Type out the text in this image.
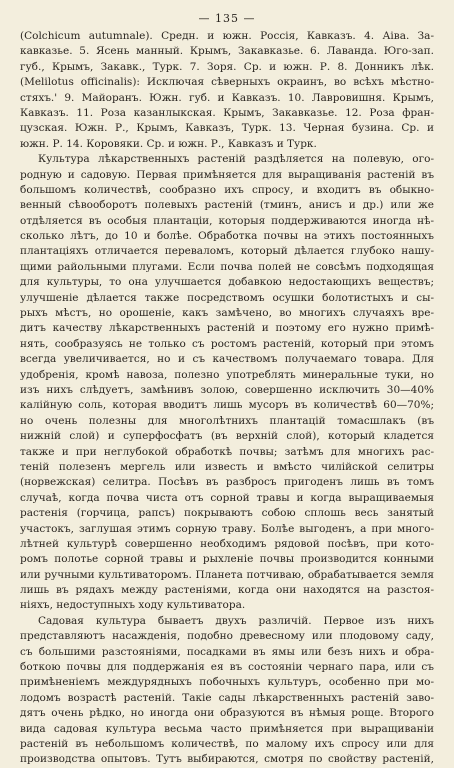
— 135 —
(Colchicum autumnale). Средн. и южн. Россія, Кавказъ. 4. Аіва. За-
кавказье. 5. Ясень манный. Крымъ, Закавказье. 6. Лаванда. Юго-зап.
губ., Крымъ, Закавк., Турк. 7. Зоря. Ср. и южн. Р. 8. Донникъ лѣк.
(Melilotus officinalis): Исключая сѣверныхъ окраинъ, во всѣхъ мѣстно-
стяхъ.' 9. Майоранъ. Южн. губ. и Кавказъ. 10. Лавровишня. Крымъ,
Кавказъ. 11. Роза казанлыкская. Крымъ, Закавказье. 12. Роза фран-
цузская. Южн. Р., Крымъ, Кавказъ, Турк. 13. Черная бузина. Ср. и
южн. Р. 14. Коровяки. Ср. и южн. Р., Кавказъ и Турк.
Культура лѣкарственныхъ растеній раздѣляется на полевую, ого-
родную и садовую. Первая примѣняется для выращиванія растеній въ
большомъ количествѣ, сообразно ихъ спросу, и входитъ въ обыкно-
венный сѣвооборотъ полевыхъ растеній (тминъ, анисъ и др.) или же
отдѣляется въ особыя плантаціи, которыя поддерживаются иногда нѣ-
сколько лѣтъ, до 10 и болѣе. Обработка почвы на этихъ постоянныхъ
плантаціяхъ отличается переваломъ, который дѣлается глубоко нашу-
щими райольными плугами. Если почва полей не совсѣмъ подходящая
для культуры, то она улучшается добавкою недостающихъ веществъ;
улучшеніе дѣлается также посредствомъ осушки болотистыхъ и сы-
рыхъ мѣстъ, но орошеніе, какъ замѣчено, во многихъ случаяхъ вре-
дитъ качеству лѣкарственныхъ растеній и поэтому его нужно примѣ-
нять, сообразуясь не только съ ростомъ растеній, который при этомъ
всегда увеличивается, но и съ качествомъ получаемаго товара. Для
удобренія, кромѣ навоза, полезно употреблять минеральные туки, но
изъ нихъ слѣдуетъ, замѣнивъ золою, совершенно исключить 30—40%
калійную соль, которая вводитъ лишь мусоръ въ количествѣ 60—70%;
но очень полезны для многолѣтнихъ плантацій томасшлакъ (въ
нижній слой) и суперфосфатъ (въ верхній слой), который кладется
также и при неглубокой обработкѣ почвы; затѣмъ для многихъ рас-
теній полезенъ мергель или известь и вмѣсто чилійской селитры
(норвежская) селитра. Посѣвъ въ разбросъ пригоденъ лишь въ томъ
случаѣ, когда почва чиста отъ сорной травы и когда выращиваемыя
растенія (горчица, рапсъ) покрываютъ собою сплошь весь занятый
участокъ, заглушая этимъ сорную траву. Болѣе выгоденъ, а при много-
лѣтней культурѣ совершенно необходимъ рядовой посѣвъ, при кото-
ромъ полотье сорной травы и рыхленіе почвы производится конными
или ручными культиваторомъ. Планета потчиваю, обрабатывается земля
лишь въ рядахъ между растеніями, когда они находятся на разстоя-
ніяхъ, недоступныхъ ходу культиватора.
Садовая культура бываетъ двухъ различій. Первое изъ нихъ
представляютъ насажденія, подобно древесному или плодовому саду,
съ большими разстояніями, посадками въ ямы или безъ нихъ и обра-
боткою почвы для поддержанія ея въ состояніи чернаго пара, или съ
примѣненіемъ междурядныхъ побочныхъ культуръ, особенно при мо-
лодомъ возрастѣ растеній. Такіе сады лѣкарственныхъ растеній заво-
дятъ очень рѣдко, но иногда они образуются въ нѣмыя роще. Второго
вида садовая культура весьма часто примѣняется при выращиваніи
растеній въ небольшомъ количествѣ, по малому ихъ спросу или для
производства опытовъ. Тутъ выбираются, смотря по свойству растеній,
